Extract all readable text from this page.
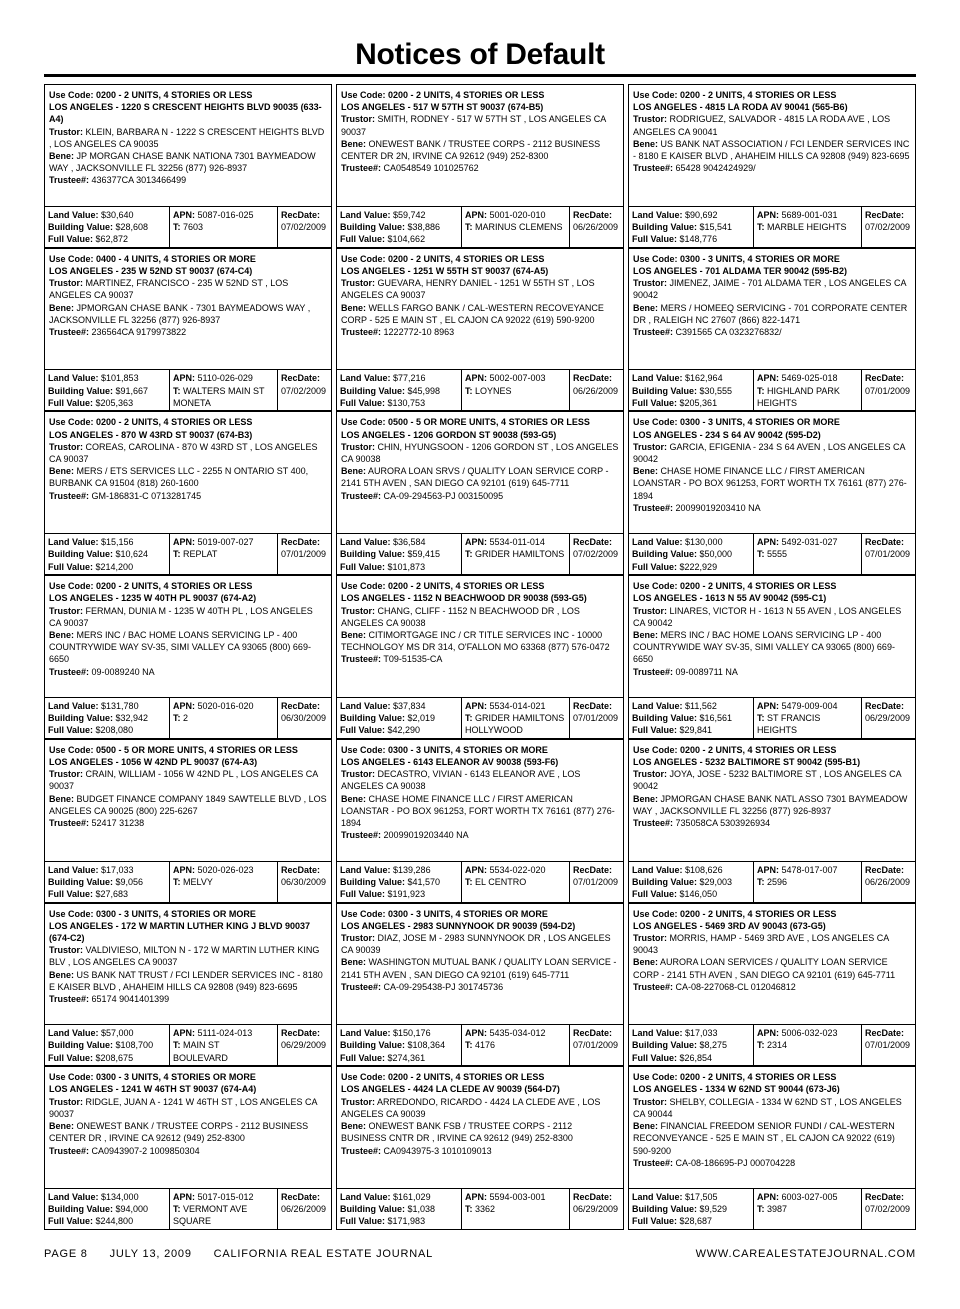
Notices of Default
Use Code: 0200 - 2 UNITS, 4 STORIES OR LESS
LOS ANGELES - 1220 S CRESCENT HEIGHTS BLVD 90035 (633-A4)
Trustor: KLEIN, BARBARA N - 1222 S CRESCENT HEIGHTS BLVD , LOS ANGELES CA 90035
Bene: JP MORGAN CHASE BANK NATIONA 7301 BAYMEADOW WAY , JACKSONVILLE FL 32256 (877) 926-8937
Trustee#: 436377CA 3013466499
Land Value: $30,640
Building Value: $28,608
Full Value: $62,872
APN: 5087-016-025
T: 7603
RecDate:
07/02/2009
Use Code: 0200 - 2 UNITS, 4 STORIES OR LESS
LOS ANGELES - 517 W 57TH ST 90037 (674-B5)
Trustor: SMITH, RODNEY - 517 W 57TH ST , LOS ANGELES CA 90037
Bene: ONEWEST BANK / TRUSTEE CORPS - 2112 BUSINESS CENTER DR 2N, IRVINE CA 92612 (949) 252-8300
Trustee#: CA0548549 101025762
Land Value: $59,742
Building Value: $38,886
Full Value: $104,662
APN: 5001-020-010
T: MARINUS CLEMENS
RecDate:
06/26/2009
Use Code: 0200 - 2 UNITS, 4 STORIES OR LESS
LOS ANGELES - 4815 LA RODA AV 90041 (565-B6)
Trustor: RODRIGUEZ, SALVADOR - 4815 LA RODA AVE , LOS ANGELES CA 90041
Bene: US BANK NAT ASSOCIATION / FCI LENDER SERVICES INC - 8180 E KAISER BLVD , AHAHEIM HILLS CA 92808 (949) 823-6695
Trustee#: 65428 9042424929/
Land Value: $90,692
Building Value: $15,541
Full Value: $148,776
APN: 5689-001-031
T: MARBLE HEIGHTS
RecDate:
07/02/2009
Use Code: 0400 - 4 UNITS, 4 STORIES OR MORE
LOS ANGELES - 235 W 52ND ST 90037 (674-C4)
Trustor: MARTINEZ, FRANCISCO - 235 W 52ND ST , LOS ANGELES CA 90037
Bene: JPMORGAN CHASE BANK - 7301 BAYMEADOWS WAY , JACKSONVILLE FL 32256 (877) 926-8937
Trustee#: 236564CA 9179973822
Land Value: $101,853
Building Value: $91,667
Full Value: $205,363
APN: 5110-026-029
T: WALTERS MAIN ST MONETA
RecDate:
07/02/2009
Use Code: 0200 - 2 UNITS, 4 STORIES OR LESS
LOS ANGELES - 1251 W 55TH ST 90037 (674-A5)
Trustor: GUEVARA, HENRY DANIEL - 1251 W 55TH ST , LOS ANGELES CA 90037
Bene: WELLS FARGO BANK / CAL-WESTERN RECOVEYANCE CORP - 525 E MAIN ST , EL CAJON CA 92022 (619) 590-9200
Trustee#: 1222772-10 8963
Land Value: $77,216
Building Value: $45,998
Full Value: $130,753
APN: 5002-007-003
T: LOYNES
RecDate:
06/26/2009
Use Code: 0300 - 3 UNITS, 4 STORIES OR MORE
LOS ANGELES - 701 ALDAMA TER 90042 (595-B2)
Trustor: JIMENEZ, JAIME - 701 ALDAMA TER , LOS ANGELES CA 90042
Bene: MERS / HOMEEQ SERVICING - 701 CORPORATE CENTER DR , RALEIGH NC 27607 (866) 822-1471
Trustee#: C391565 CA 0323276832/
Land Value: $162,964
Building Value: $30,555
Full Value: $205,361
APN: 5469-025-018
T: HIGHLAND PARK HEIGHTS
RecDate:
07/01/2009
Use Code: 0200 - 2 UNITS, 4 STORIES OR LESS
LOS ANGELES - 870 W 43RD ST 90037 (674-B3)
Trustor: COREAS, CAROLINA - 870 W 43RD ST , LOS ANGELES CA 90037
Bene: MERS / ETS SERVICES LLC - 2255 N ONTARIO ST 400, BURBANK CA 91504 (818) 260-1600
Trustee#: GM-186831-C 0713281745
Land Value: $15,156
Building Value: $10,624
Full Value: $214,200
APN: 5019-007-027
T: REPLAT
RecDate:
07/01/2009
Use Code: 0500 - 5 OR MORE UNITS, 4 STORIES OR LESS
LOS ANGELES - 1206 GORDON ST 90038 (593-G5)
Trustor: CHIN, HYUNGSOON - 1206 GORDON ST , LOS ANGELES CA 90038
Bene: AURORA LOAN SRVS / QUALITY LOAN SERVICE CORP - 2141 5TH AVEN , SAN DIEGO CA 92101 (619) 645-7711
Trustee#: CA-09-294563-PJ 003150095
Land Value: $36,584
Building Value: $59,415
Full Value: $101,873
APN: 5534-011-014
T: GRIDER HAMILTONS
RecDate:
07/02/2009
Use Code: 0300 - 3 UNITS, 4 STORIES OR MORE
LOS ANGELES - 234 S 64 AV 90042 (595-D2)
Trustor: GARCIA, EFIGENIA - 234 S 64 AVEN , LOS ANGELES CA 90042
Bene: CHASE HOME FINANCE LLC / FIRST AMERICAN LOANSTAR - PO BOX 961253, FORT WORTH TX 76161 (877) 276-1894
Trustee#: 20099019203410 NA
Land Value: $130,000
Building Value: $50,000
Full Value: $222,929
APN: 5492-031-027
T: 5555
RecDate:
07/01/2009
Use Code: 0200 - 2 UNITS, 4 STORIES OR LESS
LOS ANGELES - 1235 W 40TH PL 90037 (674-A2)
Trustor: FERMAN, DUNIA M - 1235 W 40TH PL , LOS ANGELES CA 90037
Bene: MERS INC / BAC HOME LOANS SERVICING LP - 400 COUNTRYWIDE WAY SV-35, SIMI VALLEY CA 93065 (800) 669-6650
Trustee#: 09-0089240 NA
Land Value: $131,780
Building Value: $32,942
Full Value: $208,080
APN: 5020-016-020
T: 2
RecDate:
06/30/2009
Use Code: 0200 - 2 UNITS, 4 STORIES OR LESS
LOS ANGELES - 1152 N BEACHWOOD DR 90038 (593-G5)
Trustor: CHANG, CLIFF - 1152 N BEACHWOOD DR , LOS ANGELES CA 90038
Bene: CITIMORTGAGE INC / CR TITLE SERVICES INC - 10000 TECHNOLGOY MS DR 314, O'FALLON MO 63368 (877) 576-0472
Trustee#: T09-51535-CA
Land Value: $37,834
Building Value: $2,019
Full Value: $42,290
APN: 5534-014-021
T: GRIDER HAMILTONS HOLLYWOOD
RecDate:
07/01/2009
Use Code: 0200 - 2 UNITS, 4 STORIES OR LESS
LOS ANGELES - 1613 N 55 AV 90042 (595-C1)
Trustor: LINARES, VICTOR H - 1613 N 55 AVEN , LOS ANGELES CA 90042
Bene: MERS INC / BAC HOME LOANS SERVICING LP - 400 COUNTRYWIDE WAY SV-35, SIMI VALLEY CA 93065 (800) 669-6650
Trustee#: 09-0089711 NA
Land Value: $11,562
Building Value: $16,561
Full Value: $29,841
APN: 5479-009-004
T: ST FRANCIS HEIGHTS
RecDate:
06/29/2009
Use Code: 0500 - 5 OR MORE UNITS, 4 STORIES OR LESS
LOS ANGELES - 1056 W 42ND PL 90037 (674-A3)
Trustor: CRAIN, WILLIAM - 1056 W 42ND PL , LOS ANGELES CA 90037
Bene: BUDGET FINANCE COMPANY 1849 SAWTELLE BLVD , LOS ANGELES CA 90025 (800) 225-6267
Trustee#: 52417 31238
Land Value: $17,033
Building Value: $9,056
Full Value: $27,683
APN: 5020-026-023
T: MELVY
RecDate:
06/30/2009
Use Code: 0300 - 3 UNITS, 4 STORIES OR MORE
LOS ANGELES - 6143 ELEANOR AV 90038 (593-F6)
Trustor: DECASTRO, VIVIAN - 6143 ELEANOR AVE , LOS ANGELES CA 90038
Bene: CHASE HOME FINANCE LLC / FIRST AMERICAN LOANSTAR - PO BOX 961253, FORT WORTH TX 76161 (877) 276-1894
Trustee#: 20099019203440 NA
Land Value: $139,286
Building Value: $41,570
Full Value: $191,923
APN: 5534-022-020
T: EL CENTRO
RecDate:
07/01/2009
Use Code: 0200 - 2 UNITS, 4 STORIES OR LESS
LOS ANGELES - 5232 BALTIMORE ST 90042 (595-B1)
Trustor: JOYA, JOSE - 5232 BALTIMORE ST , LOS ANGELES CA 90042
Bene: JPMORGAN CHASE BANK NATL ASSO 7301 BAYMEADOW WAY , JACKSONVILLE FL 32256 (877) 926-8937
Trustee#: 735058CA 5303926934
Land Value: $108,626
Building Value: $29,003
Full Value: $146,050
APN: 5478-017-007
T: 2596
RecDate:
06/26/2009
Use Code: 0300 - 3 UNITS, 4 STORIES OR MORE
LOS ANGELES - 172 W MARTIN LUTHER KING J BLVD 90037 (674-C2)
Trustor: VALDIVIESO, MILTON N - 172 W MARTIN LUTHER KING BLV , LOS ANGELES CA 90037
Bene: US BANK NAT TRUST / FCI LENDER SERVICES INC - 8180 E KAISER BLVD , AHAHEIM HILLS CA 92808 (949) 823-6695
Trustee#: 65174 9041401399
Land Value: $57,000
Building Value: $108,700
Full Value: $208,675
APN: 5111-024-013
T: MAIN ST BOULEVARD
RecDate:
06/29/2009
Use Code: 0300 - 3 UNITS, 4 STORIES OR MORE
LOS ANGELES - 2983 SUNNYNOOK DR 90039 (594-D2)
Trustor: DIAZ, JOSE M - 2983 SUNNYNOOK DR , LOS ANGELES CA 90039
Bene: WASHINGTON MUTUAL BANK / QUALITY LOAN SERVICE - 2141 5TH AVEN , SAN DIEGO CA 92101 (619) 645-7711
Trustee#: CA-09-295438-PJ 301745736
Land Value: $150,176
Building Value: $108,364
Full Value: $274,361
APN: 5435-034-012
T: 4176
RecDate:
07/01/2009
Use Code: 0200 - 2 UNITS, 4 STORIES OR LESS
LOS ANGELES - 5469 3RD AV 90043 (673-G5)
Trustor: MORRIS, HAMP - 5469 3RD AVE , LOS ANGELES CA 90043
Bene: AURORA LOAN SERVICES / QUALITY LOAN SERVICE CORP - 2141 5TH AVEN , SAN DIEGO CA 92101 (619) 645-7711
Trustee#: CA-08-227068-CL 012046812
Land Value: $17,033
Building Value: $8,275
Full Value: $26,854
APN: 5006-032-023
T: 2314
RecDate:
07/01/2009
Use Code: 0300 - 3 UNITS, 4 STORIES OR MORE
LOS ANGELES - 1241 W 46TH ST 90037 (674-A4)
Trustor: RIDGLE, JUAN A - 1241 W 46TH ST , LOS ANGELES CA 90037
Bene: ONEWEST BANK / TRUSTEE CORPS - 2112 BUSINESS CENTER DR , IRVINE CA 92612 (949) 252-8300
Trustee#: CA0943907-2 1009850304
Land Value: $134,000
Building Value: $94,000
Full Value: $244,800
APN: 5017-015-012
T: VERMONT AVE SQUARE
RecDate:
06/26/2009
Use Code: 0200 - 2 UNITS, 4 STORIES OR LESS
LOS ANGELES - 4424 LA CLEDE AV 90039 (564-D7)
Trustor: ARREDONDO, RICARDO - 4424 LA CLEDE AVE , LOS ANGELES CA 90039
Bene: ONEWEST BANK FSB / TRUSTEE CORPS - 2112 BUSINESS CNTR DR , IRVINE CA 92612 (949) 252-8300
Trustee#: CA0943975-3 1010109013
Land Value: $161,029
Building Value: $1,038
Full Value: $171,983
APN: 5594-003-001
T: 3362
RecDate:
06/29/2009
Use Code: 0200 - 2 UNITS, 4 STORIES OR LESS
LOS ANGELES - 1334 W 62ND ST 90044 (673-J6)
Trustor: SHELBY, COLLEGIA - 1334 W 62ND ST , LOS ANGELES CA 90044
Bene: FINANCIAL FREEDOM SENIOR FUNDI / CAL-WESTERN RECONVEYANCE - 525 E MAIN ST , EL CAJON CA 92022 (619) 590-9200
Trustee#: CA-08-186695-PJ 000704228
Land Value: $17,505
Building Value: $9,529
Full Value: $28,687
APN: 6003-027-005
T: 3987
RecDate:
07/02/2009
PAGE 8 JULY 13, 2009 CALIFORNIA REAL ESTATE JOURNAL	WWW.CAREALESTATEJOURNAL.COM
